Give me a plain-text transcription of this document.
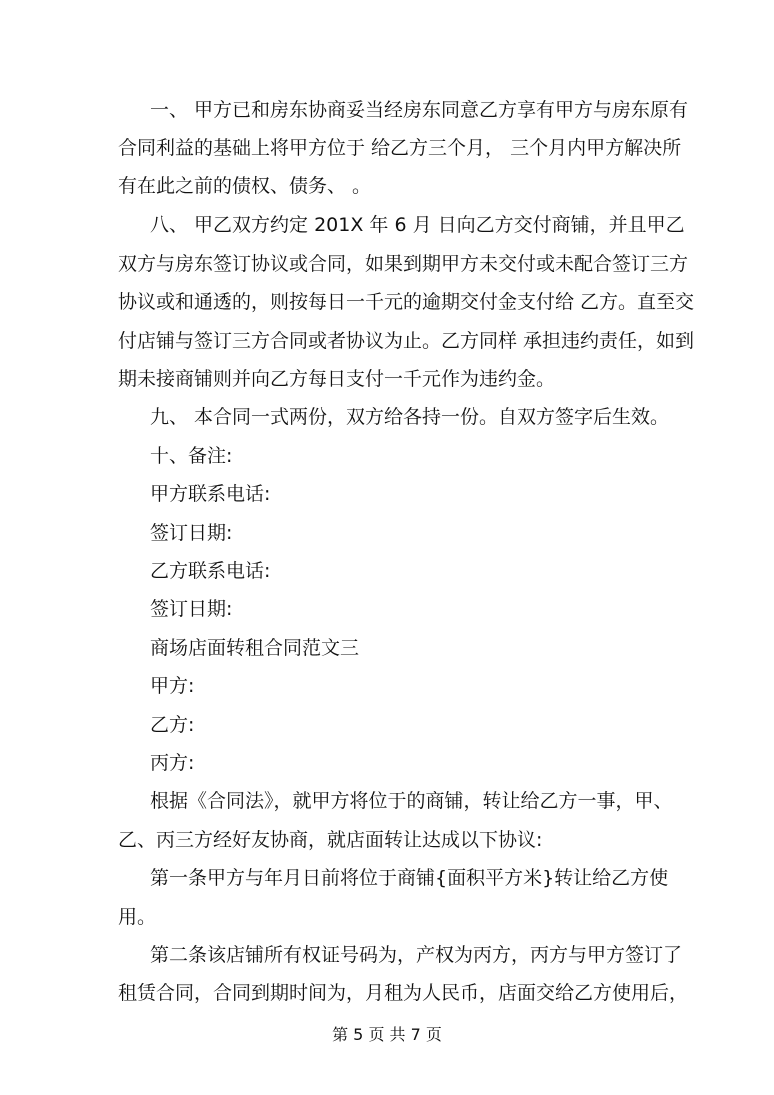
一、 甲方已和房东协商妥当经房东同意乙方享有甲方与房东原有
合同利益的基础上将甲方位于 给乙方三个月， 三个月内甲方解决所
有在此之前的债权、债务、 。
八、 甲乙双方约定 201X 年 6 月 日向乙方交付商铺，并且甲乙
双方与房东签订协议或合同，如果到期甲方未交付或未配合签订三方
协议或和通透的，则按每日一千元的逾期交付金支付给 乙方。直至交
付店铺与签订三方合同或者协议为止。乙方同样 承担违约责任，如到
期未接商铺则并向乙方每日支付一千元作为违约金。
九、 本合同一式两份，双方给各持一份。自双方签字后生效。
十、备注:
甲方联系电话:
签订日期:
乙方联系电话:
签订日期:
商场店面转租合同范文三
甲方:
乙方:
丙方:
根据《合同法》，就甲方将位于的商铺，转让给乙方一事，甲、
乙、丙三方经好友协商，就店面转让达成以下协议:
第一条甲方与年月日前将位于商铺{面积平方米}转让给乙方使
用。
第二条该店铺所有权证号码为，产权为丙方，丙方与甲方签订了
租赁合同，合同到期时间为，月租为人民币，店面交给乙方使用后，
第 5 页 共 7 页
